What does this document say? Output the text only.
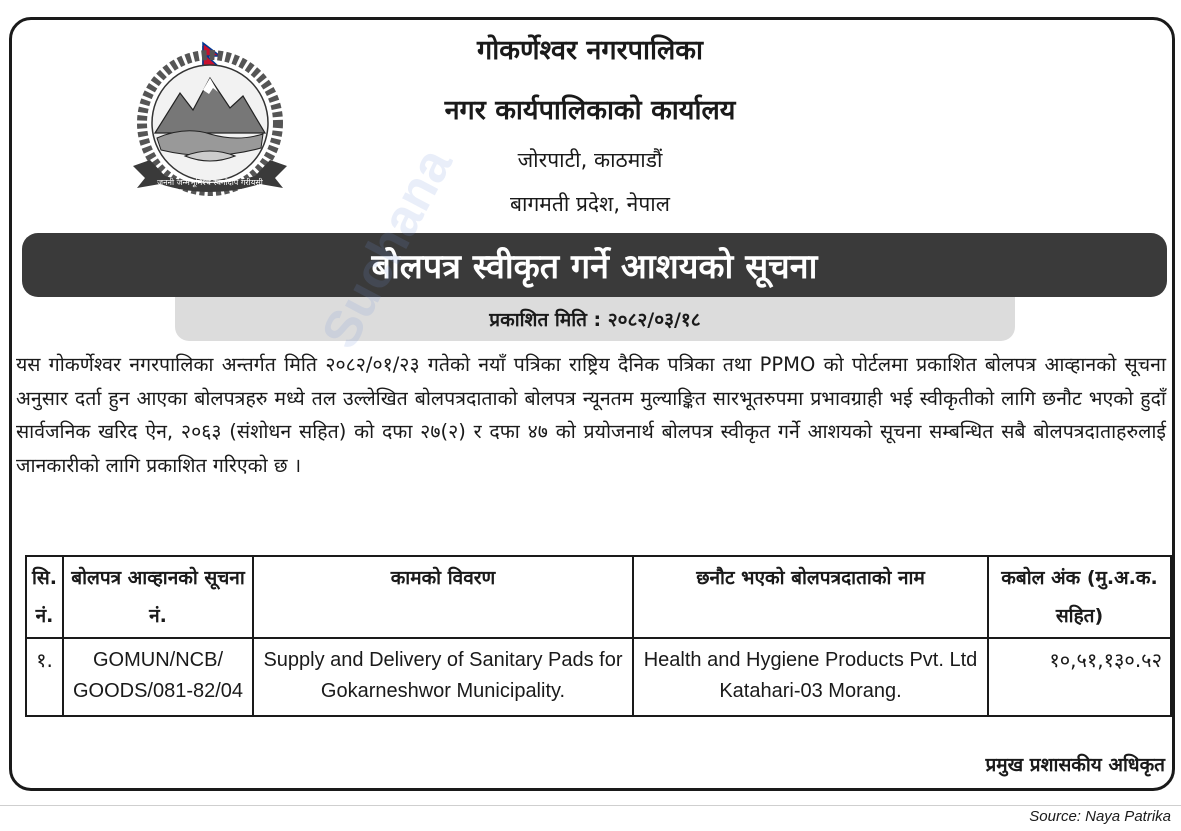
जननी जन्मभूमिश्च स्वर्गादपि गरीयसी
गोकर्णेश्वर नगरपालिका
नगर कार्यपालिकाको कार्यालय
जोरपाटी, काठमाडौं
बागमती प्रदेश, नेपाल
बोलपत्र स्वीकृत गर्ने आशयको सूचना
प्रकाशित मिति : २०८२/०३/१८
यस गोकर्णेश्वर नगरपालिका अन्तर्गत मिति २०८२/०१/२३ गतेको नयाँ पत्रिका राष्ट्रिय दैनिक पत्रिका तथा PPMO को पोर्टलमा प्रकाशित बोलपत्र आव्हानको सूचना अनुसार दर्ता हुन आएका बोलपत्रहरु मध्ये तल उल्लेखित बोलपत्रदाताको बोलपत्र न्यूनतम मुल्याङ्कित सारभूतरुपमा प्रभावग्राही भई स्वीकृतीको लागि छनौट भएको हुदाँ सार्वजनिक खरिद ऐन, २०६३ (संशोधन सहित) को दफा २७(२) र दफा ४७ को प्रयोजनार्थ बोलपत्र स्वीकृत गर्ने आशयको सूचना सम्बन्धित सबै बोलपत्रदाताहरुलाई जानकारीको लागि प्रकाशित गरिएको छ ।
सि. नं.	बोलपत्र आव्हानको सूचना नं.	कामको विवरण	छनौट भएको बोलपत्रदाताको नाम	कबोल अंक (मु.अ.क. सहित)
१.	GOMUN/NCB/ GOODS/081-82/04	Supply and Delivery of Sanitary Pads for Gokarneshwor Municipality.	Health and Hygiene Products Pvt. Ltd Katahari-03 Morang.	१०,५१,१३०.५२
प्रमुख प्रशासकीय अधिकृत
Source: Naya Patrika
